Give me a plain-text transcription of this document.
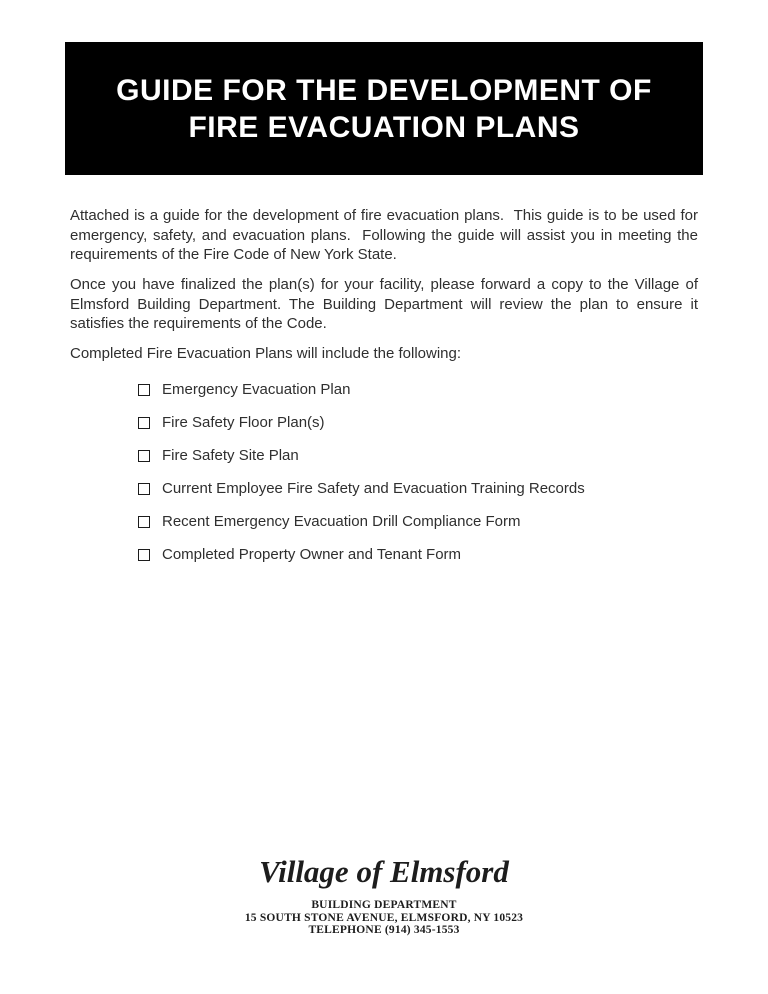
GUIDE FOR THE DEVELOPMENT OF
FIRE EVACUATION PLANS

Attached is a guide for the development of fire evacuation plans.  This guide is to be used for emergency, safety, and evacuation plans.  Following the guide will assist you in meeting the requirements of the Fire Code of New York State.

Once you have finalized the plan(s) for your facility, please forward a copy to the Village of Elmsford Building Department. The Building Department will review the plan to ensure it satisfies the requirements of the Code.

Completed Fire Evacuation Plans will include the following:

Emergency Evacuation Plan
Fire Safety Floor Plan(s)
Fire Safety Site Plan
Current Employee Fire Safety and Evacuation Training Records
Recent Emergency Evacuation Drill Compliance Form
Completed Property Owner and Tenant Form
Village of Elmsford
BUILDING DEPARTMENT
15 SOUTH STONE AVENUE, ELMSFORD, NY 10523
TELEPHONE (914) 345-1553
